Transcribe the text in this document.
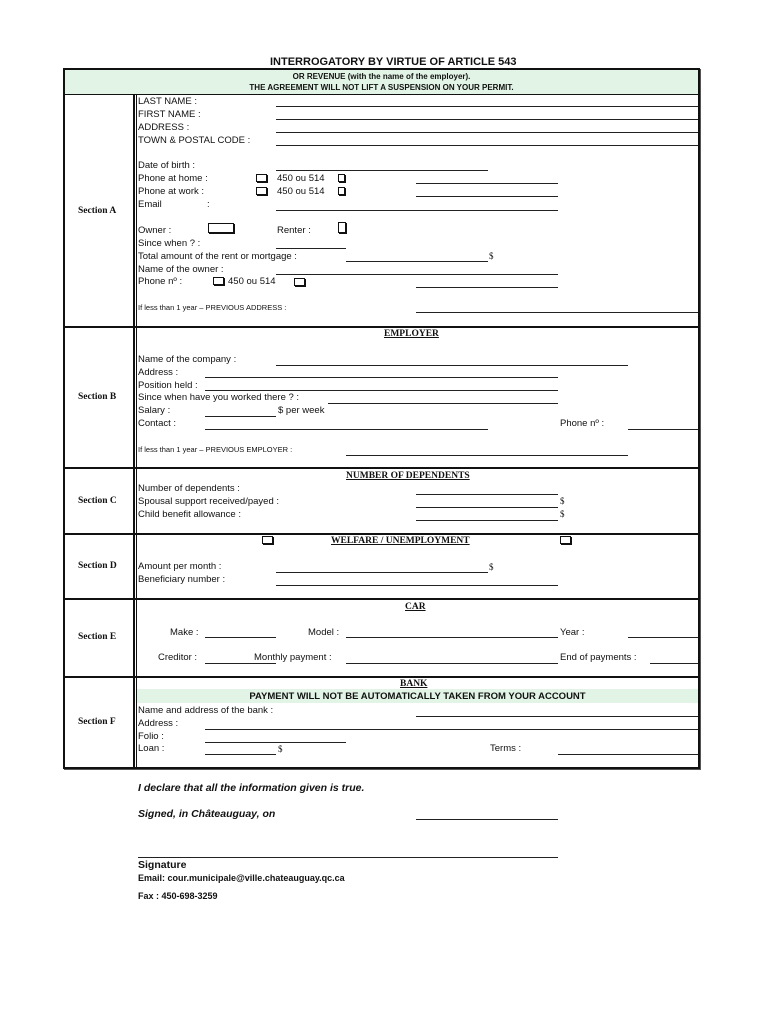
INTERROGATORY BY VIRTUE OF ARTICLE 543
OR REVENUE (with the name of the employer).
THE AGREEMENT WILL NOT LIFT A SUSPENSION ON YOUR PERMIT.
Section A
Section B
Section C
Section D
Section E
Section F
LAST NAME :
FIRST NAME :
ADDRESS :
TOWN & POSTAL CODE :
Date of birth :
Phone at home :	450 ou 514
Phone at work :	450 ou 514
Email	:
Owner :	Renter :
Since when ? :
Total amount of the rent or mortgage :	$
Name of the owner :
Phone nº :	450 ou 514
If less than 1 year – PREVIOUS ADDRESS :
EMPLOYER
Name of the company :
Address :
Position held :
Since when have you worked there ? :
Salary :	$ per week
Contact :	Phone nº :
If less than 1 year – PREVIOUS EMPLOYER :
NUMBER OF DEPENDENTS
Number of dependents :
Spousal support received/payed :	$
Child benefit allowance :	$
WELFARE / UNEMPLOYMENT
Amount per month :	$
Beneficiary number :
CAR
Make :	Model :	Year :
Creditor :	Monthly payment :	End of payments :
BANK
PAYMENT WILL NOT BE AUTOMATICALLY TAKEN FROM YOUR ACCOUNT
Name and address of the bank :
Address :
Folio :
Loan :	$	Terms :
I declare that all the information given is true.
Signed, in Châteauguay, on
Signature
Email: cour.municipale@ville.chateauguay.qc.ca
Fax : 450-698-3259
